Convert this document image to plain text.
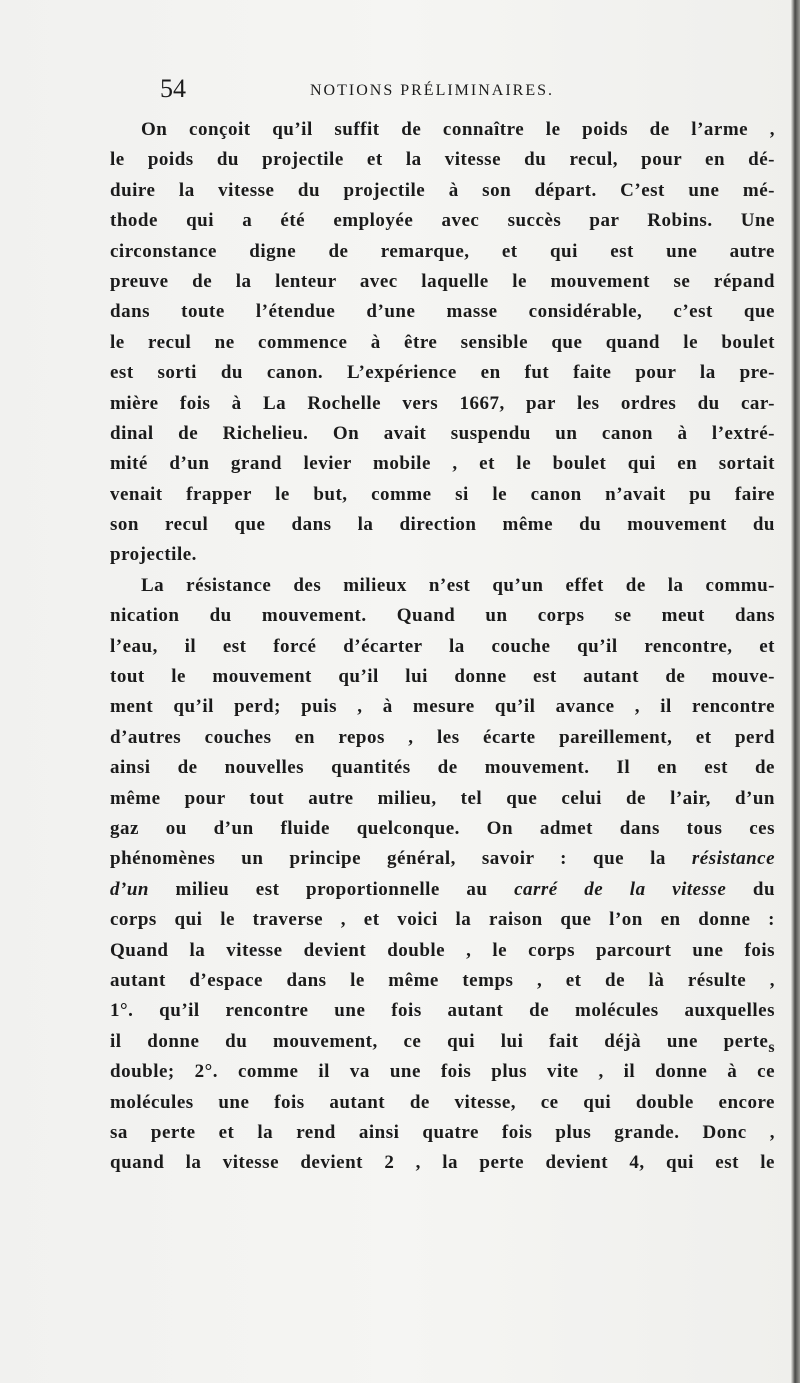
54	NOTIONS PRÉLIMINAIRES.
On conçoit qu’il suffit de connaître le poids de l’arme ,
le poids du projectile et la vitesse du recul, pour en dé-
duire la vitesse du projectile à son départ. C’est une mé-
thode qui a été employée avec succès par Robins. Une
circonstance digne de remarque, et qui est une autre
preuve de la lenteur avec laquelle le mouvement se répand
dans toute l’étendue d’une masse considérable, c’est que
le recul ne commence à être sensible que quand le boulet
est sorti du canon. L’expérience en fut faite pour la pre-
mière fois à La Rochelle vers 1667, par les ordres du car-
dinal de Richelieu. On avait suspendu un canon à l’extré-
mité d’un grand levier mobile , et le boulet qui en sortait
venait frapper le but, comme si le canon n’avait pu faire
son recul que dans la direction même du mouvement du
projectile.
La résistance des milieux n’est qu’un effet de la commu-
nication du mouvement. Quand un corps se meut dans
l’eau, il est forcé d’écarter la couche qu’il rencontre, et
tout le mouvement qu’il lui donne est autant de mouve-
ment qu’il perd; puis , à mesure qu’il avance , il rencontre
d’autres couches en repos , les écarte pareillement, et perd
ainsi de nouvelles quantités de mouvement. Il en est de
même pour tout autre milieu, tel que celui de l’air, d’un
gaz ou d’un fluide quelconque. On admet dans tous ces
phénomènes un principe général, savoir : que la résistance
d’un milieu est proportionnelle au carré de la vitesse du
corps qui le traverse , et voici la raison que l’on en donne :
Quand la vitesse devient double , le corps parcourt une fois
autant d’espace dans le même temps , et de là résulte ,
1°. qu’il rencontre une fois autant de molécules auxquelles
il donne du mouvement, ce qui lui fait déjà une perte$_s$
double; 2°. comme il va une fois plus vite , il donne à ce
molécules une fois autant de vitesse, ce qui double encore
sa perte et la rend ainsi quatre fois plus grande. Donc ,
quand la vitesse devient 2 , la perte devient 4, qui est le
